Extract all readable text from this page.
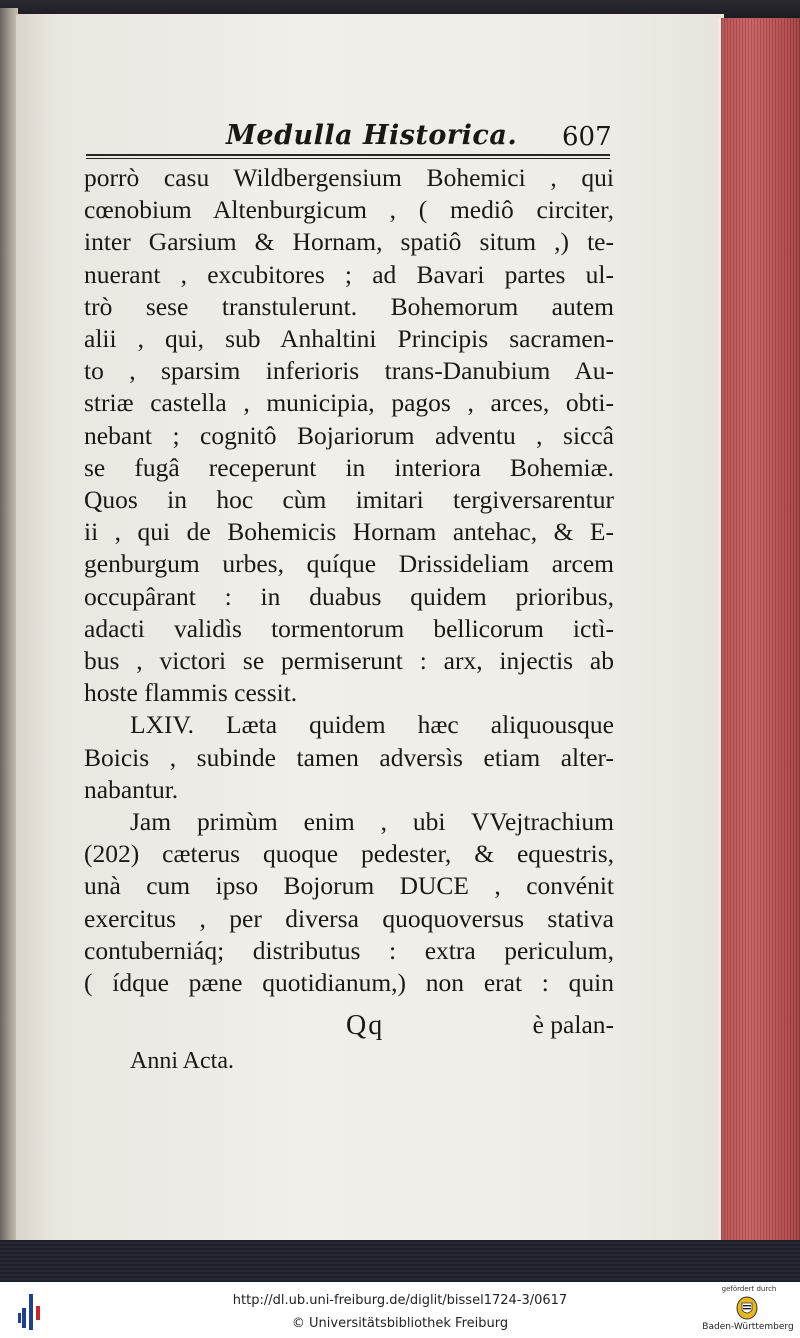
Medulla Historica. 607
porrò casu Wildbergensium Bohemici , qui
cœnobium Altenburgicum , ( mediô circiter,
inter Garsium & Hornam, spatiô situm ,) te-
nuerant , excubitores ; ad Bavari partes ul-
trò sese transtulerunt. Bohemorum autem
alii , qui, sub Anhaltini Principis sacramen-
to , sparsim inferioris trans-Danubium Au-
striæ castella , municipia, pagos , arces, obti-
nebant ; cognitô Bojariorum adventu , siccâ
se fugâ receperunt in interiora Bohemiæ.
Quos in hoc cùm imitari tergiversarentur
ii , qui de Bohemicis Hornam antehac, & E-
genburgum urbes, quíque Drissideliam arcem
occupârant : in duabus quidem prioribus,
adacti validìs tormentorum bellicorum ictì-
bus , victori se permiserunt : arx, injectis ab
hoste flammis cessit.
LXIV. Læta quidem hæc aliquousque
Boicis , subinde tamen adversìs etiam alter-
nabantur.
Jam primùm enim , ubi VVejtrachium
(202) cæterus quoque pedester, & equestris,
unà cum ipso Bojorum DUCE , convénit
exercitus , per diversa quoquoversus stativa
contuberniáq; distributus : extra periculum,
( ídque pæne quotidianum,) non erat : quin
Qq	è palan-
Anni Acta.
http://dl.ub.uni-freiburg.de/diglit/bissel1724-3/0617
© Universitätsbibliothek Freiburg
gefördert durch
Baden-Württemberg
